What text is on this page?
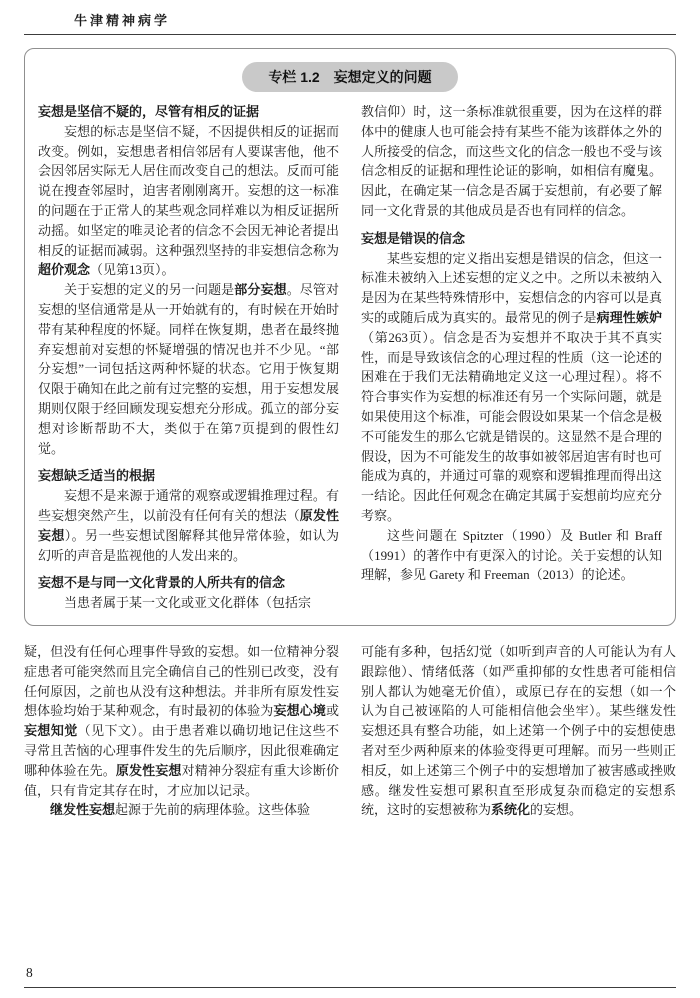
牛津精神病学
专栏 1.2 妄想定义的问题
妄想是坚信不疑的，尽管有相反的证据

妄想的标志是坚信不疑，不因提供相反的证据而改变。例如，妄想患者相信邻居有人要谋害他，他不会因邻居实际无人居住而改变自己的想法。反而可能说在搜查邻屋时，迫害者刚刚离开。妄想的这一标准的问题在于正常人的某些观念同样难以为相反证据所动摇。如坚定的唯灵论者的信念不会因无神论者提出相反的证据而减弱。这种强烈坚持的非妄想信念称为超价观念（见第13页）。

关于妄想的定义的另一问题是部分妄想。尽管对妄想的坚信通常是从一开始就有的，有时候在开始时带有某种程度的怀疑。同样在恢复期，患者在最终抛弃妄想前对妄想的怀疑增强的情况也并不少见。“部分妄想”一词包括这两种怀疑的状态。它用于恢复期仅限于确知在此之前有过完整的妄想，用于妄想发展期则仅限于经回顾发现妄想充分形成。孤立的部分妄想对诊断帮助不大，类似于在第7页提到的假性幻觉。

妄想缺乏适当的根据

妄想不是来源于通常的观察或逻辑推理过程。有些妄想突然产生，以前没有任何有关的想法（原发性妄想）。另一些妄想试图解释其他异常体验，如认为幻听的声音是监视他的人发出来的。

妄想不是与同一文化背景的人所共有的信念

当患者属于某一文化或亚文化群体（包括宗

教信仰）时，这一条标准就很重要，因为在这样的群体中的健康人也可能会持有某些不能为该群体之外的人所接受的信念，而这些文化的信念一般也不受与该信念相反的证据和理性论证的影响，如相信有魔鬼。因此，在确定某一信念是否属于妄想前，有必要了解同一文化背景的其他成员是否也有同样的信念。

妄想是错误的信念

某些妄想的定义指出妄想是错误的信念，但这一标准未被纳入上述妄想的定义之中。之所以未被纳入是因为在某些特殊情形中，妄想信念的内容可以是真实的或随后成为真实的。最常见的例子是病理性嫉妒（第263页）。信念是否为妄想并不取决于其不真实性，而是导致该信念的心理过程的性质（这一论述的困难在于我们无法精确地定义这一心理过程）。将不符合事实作为妄想的标准还有另一个实际问题，就是如果使用这个标准，可能会假设如果某一个信念是极不可能发生的那么它就是错误的。这显然不是合理的假设，因为不可能发生的故事如被邻居迫害有时也可能成为真的，并通过可靠的观察和逻辑推理而得出这一结论。因此任何观念在确定其属于妄想前均应充分考察。

这些问题在 Spitzter（1990）及 Butler 和 Braff（1991）的著作中有更深入的讨论。关于妄想的认知理解，参见 Garety 和 Freeman（2013）的论述。

疑，但没有任何心理事件导致的妄想。如一位精神分裂症患者可能突然而且完全确信自己的性别已改变，没有任何原因，之前也从没有这种想法。并非所有原发性妄想体验均始于某种观念，有时最初的体验为妄想心境或妄想知觉（见下文）。由于患者难以确切地记住这些不寻常且苦恼的心理事件发生的先后顺序，因此很难确定哪种体验在先。原发性妄想对精神分裂症有重大诊断价值，只有肯定其存在时，才应加以记录。

继发性妄想起源于先前的病理体验。这些体验

可能有多种，包括幻觉（如听到声音的人可能认为有人跟踪他）、情绪低落（如严重抑郁的女性患者可能相信别人都认为她毫无价值），或原已存在的妄想（如一个认为自己被诬陷的人可能相信他会坐牢）。某些继发性妄想还具有整合功能，如上述第一个例子中的妄想使患者对至少两种原来的体验变得更可理解。而另一些则正相反，如上述第三个例子中的妄想增加了被害感或挫败感。继发性妄想可累积直至形成复杂而稳定的妄想系统，这时的妄想被称为系统化的妄想。

8
